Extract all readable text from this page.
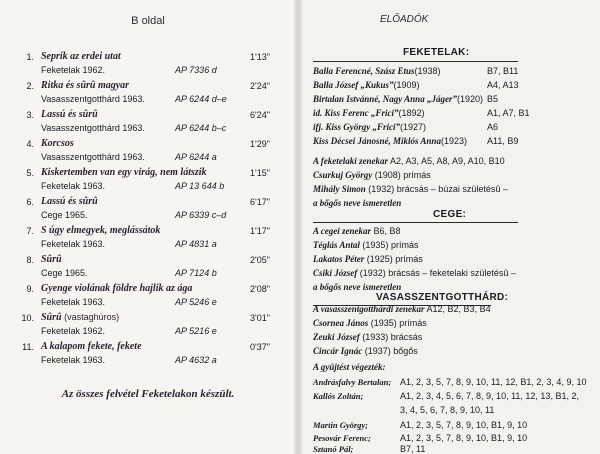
B oldal
1. Seprik az erdei utat	1'13"
Feketelak 1962.	AP 7336 d
2. Ritka és sûrû magyar	2'24"
Vasasszentgotthárd 1963.	AP 6244 d–e
3. Lassú és sûrû	6'24"
Vasasszentgotthárd 1963.	AP 6244 b–c
4. Korcsos	1'29"
Vasasszentgotthárd 1963.	AP 6244 a
5. Kiskertemben van egy virág, nem látszik	1'15"
Feketelak 1963.	AP 13 644 b
6. Lassú és sûrû	6'17"
Cege 1965.	AP 6339 c–d
7. S úgy elmegyek, meglássátok	1'17"
Feketelak 1963.	AP 4831 a
8. Sûrû	2'05"
Cege 1965.	AP 7124 b
9. Gyenge violának földre hajlik az ága	2'08"
Feketelak 1963.	AP 5246 e
10. Sûrû (vastaghúros)	3'01"
Feketelak 1962.	AP 5216 e
11. A kalapom fekete, fekete	0'37"
Feketelak 1963.	AP 4632 a
Az összes felvétel Feketelakon készült.
ELŐADÓK
FEKETELAK:
Balla Ferencné, Szász Etus(1938)	B7, B11
Balla József „Kukus”(1909)	A4, A13
Birtalan Istvánné, Nagy Anna „Jáger”(1920) B5
id. Kiss Ferenc „Frici”(1892)	A1, A7, B1
ifj. Kiss György „Frici”(1927)	A6
Kiss Décsei Jánosné, Miklós Anna(1923) A11, B9
A feketelaki zenekar A2, A3, A5, A8, A9, A10, B10
Csurkuj György (1908) prímás
Mihály Simon (1932) brácsás – búzai születésû –
a bőgős neve ismeretlen
CEGE:
A cegei zenekar B6, B8
Téglás Antal (1935) prímás
Lakatos Péter (1925) prímás
Csiki József (1932) brácsás – feketelaki születésû –
a bőgős neve ismeretlen
VASASSZENTGOTTHÁRD:
A vasasszentgotthárdi zenekar A12, B2, B3, B4
Csornea János (1935) prímás
Zeuki József (1933) brácsás
Cincár Ignác (1937) bőgős
A gyûjtést végezték:
Andrásfalvy Bertalan; A1, 2, 3, 5, 7, 8, 9, 10, 11, 12, B1, 2, 3, 4, 9, 10
Kallós Zoltán;	A1, 2, 3, 4, 5, 6, 7, 8, 9, 10, 11, 12, 13, B1, 2,
3, 4, 5, 6, 7, 8, 9, 10, 11
Martin György;	A1, 2, 3, 5, 7, 8, 9, 10, B1, 9, 10
Pesovár Ferenc;	A1, 2, 3, 5, 7, 8, 9, 10, B1, 9, 10
Sztanó Pál;	B7, 11
